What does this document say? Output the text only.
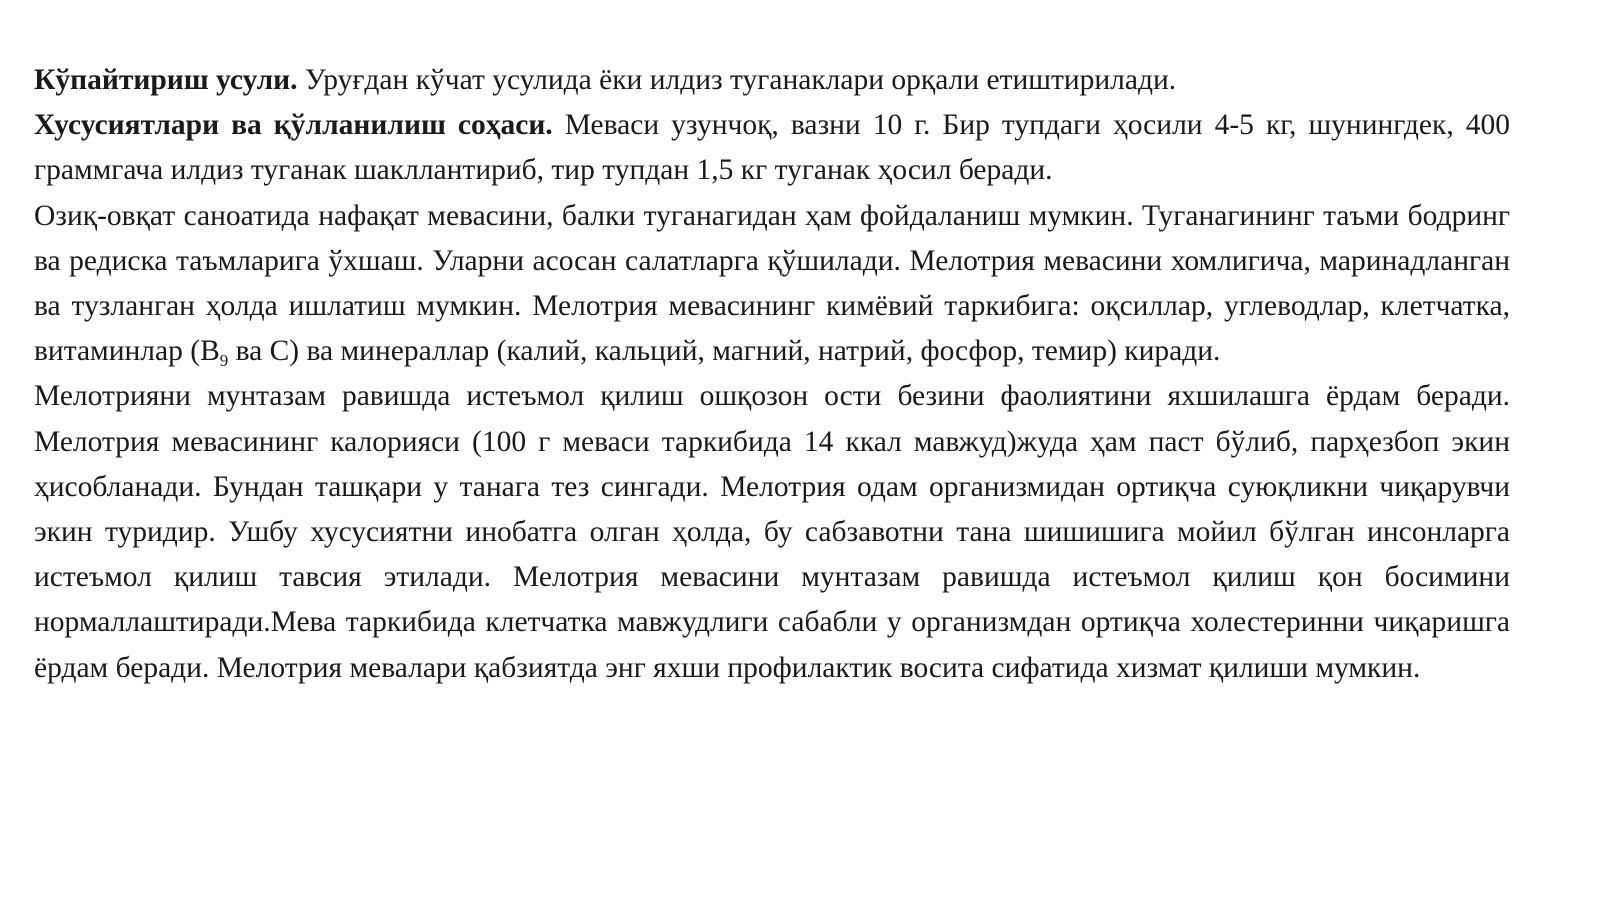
Кўпайтириш усули. Уруғдан кўчат усулида ёки илдиз туганаклари орқали етиштирилади.

Хусусиятлари ва қўлланилиш соҳаси. Меваси узунчоқ, вазни 10 г. Бир тупдаги ҳосили 4-5 кг, шунингдек, 400 граммгача илдиз туганак шакллантириб, тир тупдан 1,5 кг туганак ҳосил беради.

Озиқ-овқат саноатида нафақат мевасини, балки туганагидан ҳам фойдаланиш мумкин. Туганагининг таъми бодринг ва редиска таъмларига ўхшаш. Уларни асосан салатларга қўшилади. Мелотрия мевасини хомлигича, маринадланган ва тузланган ҳолда ишлатиш мумкин. Мелотрия мевасининг кимёвий таркибига: оқсиллар, углеводлар, клетчатка, витаминлар ($В_9$ ва С) ва минераллар (калий, кальций, магний, натрий, фосфор, темир) киради.

Мелотрияни мунтазам равишда истеъмол қилиш ошқозон ости безини фаолиятини яхшилашга ёрдам беради. Мелотрия мевасининг калорияси (100 г меваси таркибида 14 ккал мавжуд)жуда ҳам паст бўлиб, парҳезбоп экин ҳисобланади. Бундан ташқари у танага тез сингади. Мелотрия одам организмидан ортиқча суюқликни чиқарувчи экин туридир. Ушбу хусусиятни инобатга олган ҳолда, бу сабзавотни тана шишишига мойил бўлган инсонларга истеъмол қилиш тавсия этилади. Мелотрия мевасини мунтазам равишда истеъмол қилиш қон босимини нормаллаштиради.Мева таркибида клетчатка мавжудлиги сабабли у организмдан ортиқча холестеринни чиқаришга ёрдам беради. Мелотрия мевалари қабзиятда энг яхши профилактик восита сифатида хизмат қилиши мумкин.
